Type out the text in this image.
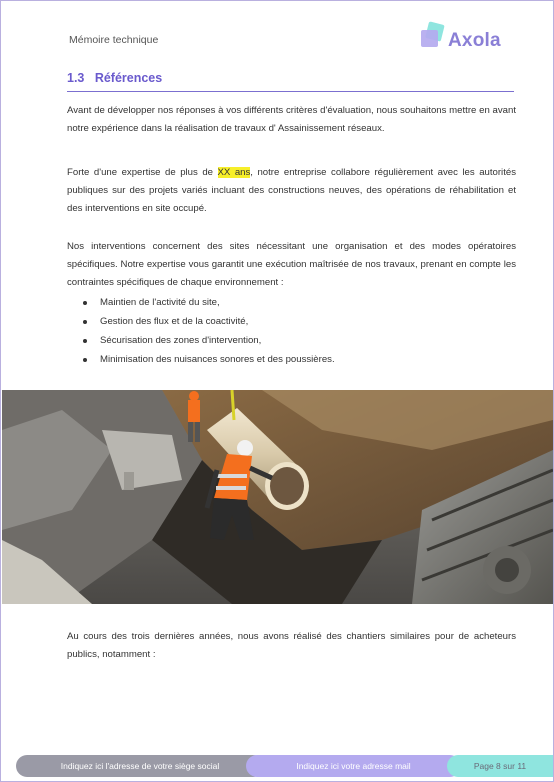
Mémoire technique	Axola
1.3 Références

Avant de développer nos réponses à vos différents critères d'évaluation, nous souhaitons mettre en avant notre expérience dans la réalisation de travaux d' Assainissement réseaux.

Forte d'une expertise de plus de XX ans, notre entreprise collabore régulièrement avec les autorités publiques sur des projets variés incluant des constructions neuves, des opérations de réhabilitation et des interventions en site occupé.

Nos interventions concernent des sites nécessitant une organisation et des modes opératoires spécifiques. Notre expertise vous garantit une exécution maîtrisée de nos travaux, prenant en compte les contraintes spécifiques de chaque environnement :

Maintien de l'activité du site,
Gestion des flux et de la coactivité,
Sécurisation des zones d'intervention,
Minimisation des nuisances sonores et des poussières.

Au cours des trois dernières années, nous avons réalisé des chantiers similaires pour de acheteurs publics, notamment :

Indiquez ici l'adresse de votre siège social	Indiquez ici votre adresse mail	Page 8 sur 11
